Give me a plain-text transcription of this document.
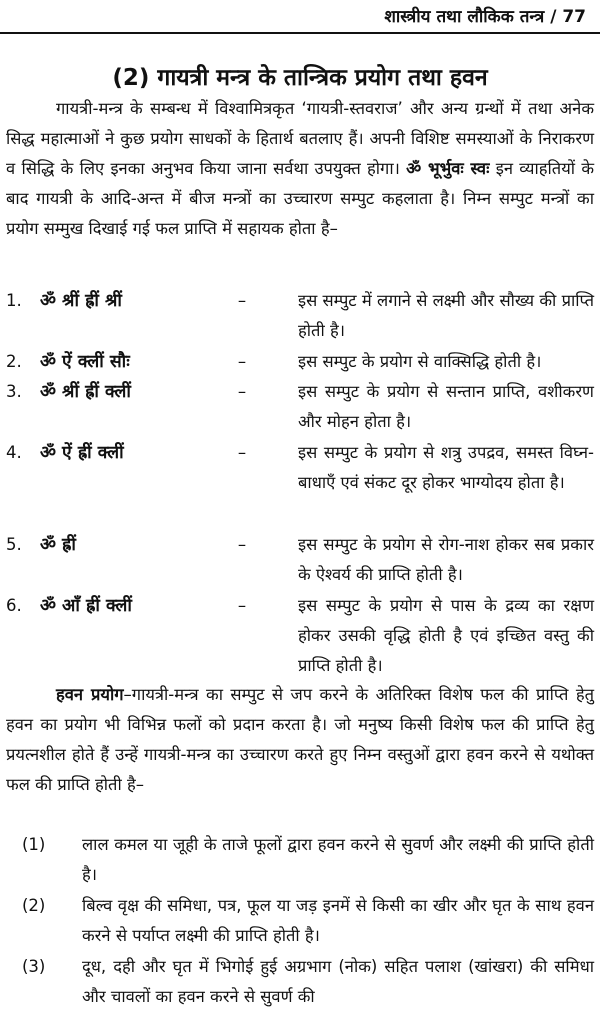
शास्त्रीय तथा लौकिक तन्त्र / 77
(2) गायत्री मन्त्र के तान्त्रिक प्रयोग तथा हवन
गायत्री-मन्त्र के सम्बन्ध में विश्वामित्रकृत ‘गायत्री-स्तवराज’ और अन्य ग्रन्थों में तथा अनेक सिद्ध महात्माओं ने कुछ प्रयोग साधकों के हितार्थ बतलाए हैं। अपनी विशिष्ट समस्याओं के निराकरण व सिद्धि के लिए इनका अनुभव किया जाना सर्वथा उपयुक्त होगा। ॐ भूर्भुवः स्वः इन व्याहतियों के बाद गायत्री के आदि-अन्त में बीज मन्त्रों का उच्चारण सम्पुट कहलाता है। निम्न सम्पुट मन्त्रों का प्रयोग सम्मुख दिखाई गई फल प्राप्ति में सहायक होता है–
1.	ॐ श्रीं ह्रीं श्रीं	–	इस सम्पुट में लगाने से लक्ष्मी और सौख्य की प्राप्ति होती है।
2.	ॐ ऐं क्लीं सौः	–	इस सम्पुट के प्रयोग से वाक्सिद्धि होती है।
3.	ॐ श्रीं ह्रीं क्लीं	–	इस सम्पुट के प्रयोग से सन्तान प्राप्ति, वशीकरण और मोहन होता है।
4.	ॐ ऐं ह्रीं क्लीं	–	इस सम्पुट के प्रयोग से शत्रु उपद्रव, समस्त विघ्न-बाधाएँ एवं संकट दूर होकर भाग्योदय होता है।
5.	ॐ ह्रीं	–	इस सम्पुट के प्रयोग से रोग-नाश होकर सब प्रकार के ऐश्वर्य की प्राप्ति होती है।
6.	ॐ आँ ह्रीं क्लीं	–	इस सम्पुट के प्रयोग से पास के द्रव्य का रक्षण होकर उसकी वृद्धि होती है एवं इच्छित वस्तु की प्राप्ति होती है।
हवन प्रयोग–गायत्री-मन्त्र का सम्पुट से जप करने के अतिरिक्त विशेष फल की प्राप्ति हेतु हवन का प्रयोग भी विभिन्न फलों को प्रदान करता है। जो मनुष्य किसी विशेष फल की प्राप्ति हेतु प्रयत्नशील होते हैं उन्हें गायत्री-मन्त्र का उच्चारण करते हुए निम्न वस्तुओं द्वारा हवन करने से यथोक्त फल की प्राप्ति होती है–
(1)	लाल कमल या जूही के ताजे फूलों द्वारा हवन करने से सुवर्ण और लक्ष्मी की प्राप्ति होती है।
(2)	बिल्व वृक्ष की समिधा, पत्र, फूल या जड़ इनमें से किसी का खीर और घृत के साथ हवन करने से पर्याप्त लक्ष्मी की प्राप्ति होती है।
(3)	दूध, दही और घृत में भिगोई हुई अग्रभाग (नोक) सहित पलाश (खांखरा) की समिधा और चावलों का हवन करने से सुवर्ण की
